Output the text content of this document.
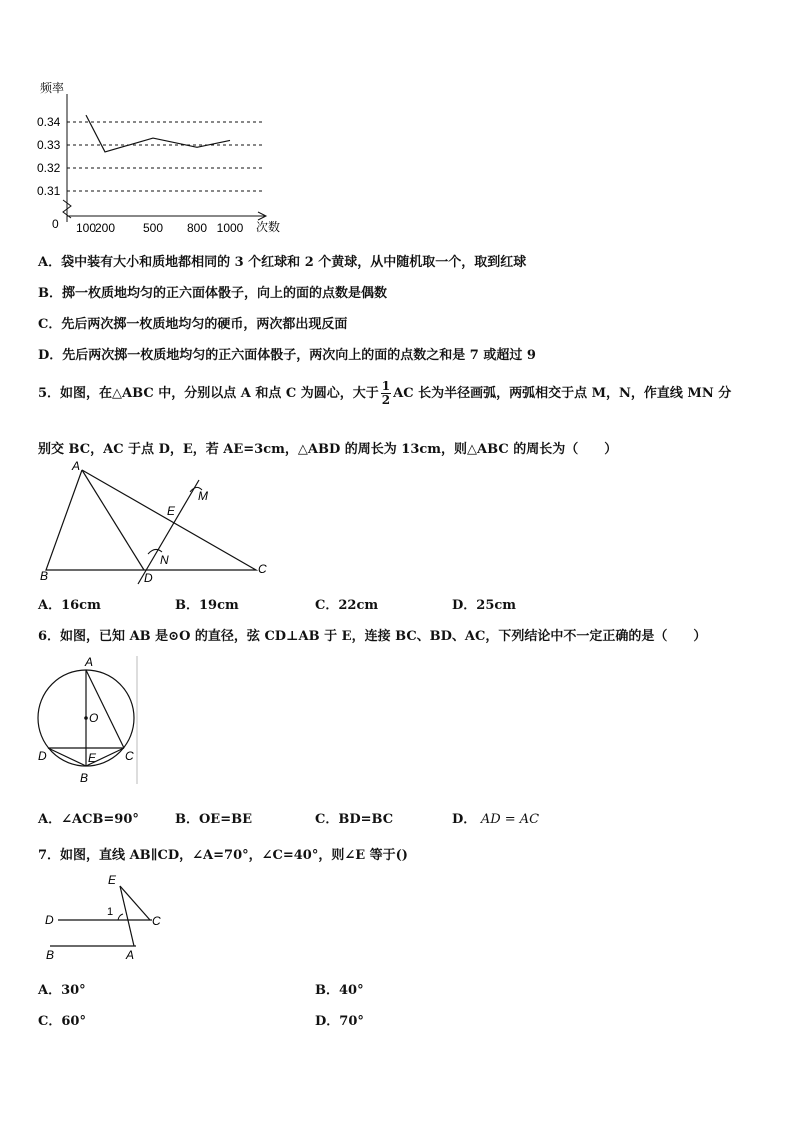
频率
次数
0
0.34
0.33
0.32
0.31
100
200 500 800 1000
A．袋中装有大小和质地都相同的 3 个红球和 2 个黄球，从中随机取一个，取到红球
B．掷一枚质地均匀的正六面体骰子，向上的面的点数是偶数
C．先后两次掷一枚质地均匀的硬币，两次都出现反面
D．先后两次掷一枚质地均匀的正六面体骰子，两次向上的面的点数之和是 7 或超过 9
5．如图，在△ABC 中，分别以点 A 和点 C 为圆心，大于 $\frac{1}{2}$ AC 长为半径画弧，两弧相交于点 M，N，作直线 MN 分
别交 BC，AC 于点 D，E，若 AE=3cm，△ABD 的周长为 13cm，则△ABC 的周长为（　　）
A
B	C
D
E
M
N
A．16cm	B．19cm	C．22cm	D．25cm
6．如图，已知 AB 是⊙O 的直径，弦 CD⊥AB 于 E，连接 BC、BD、AC，下列结论中不一定正确的是（　　）
A
O
D	E C
B
A．∠ACB=90°	B．OE=BE	C．BD=BC	D． AD = AC
7．如图，直线 AB∥CD，∠A=70°，∠C=40°，则∠E 等于()
E
1
D	C
B	A
A．30°	B．40°
C．60°	D．70°
